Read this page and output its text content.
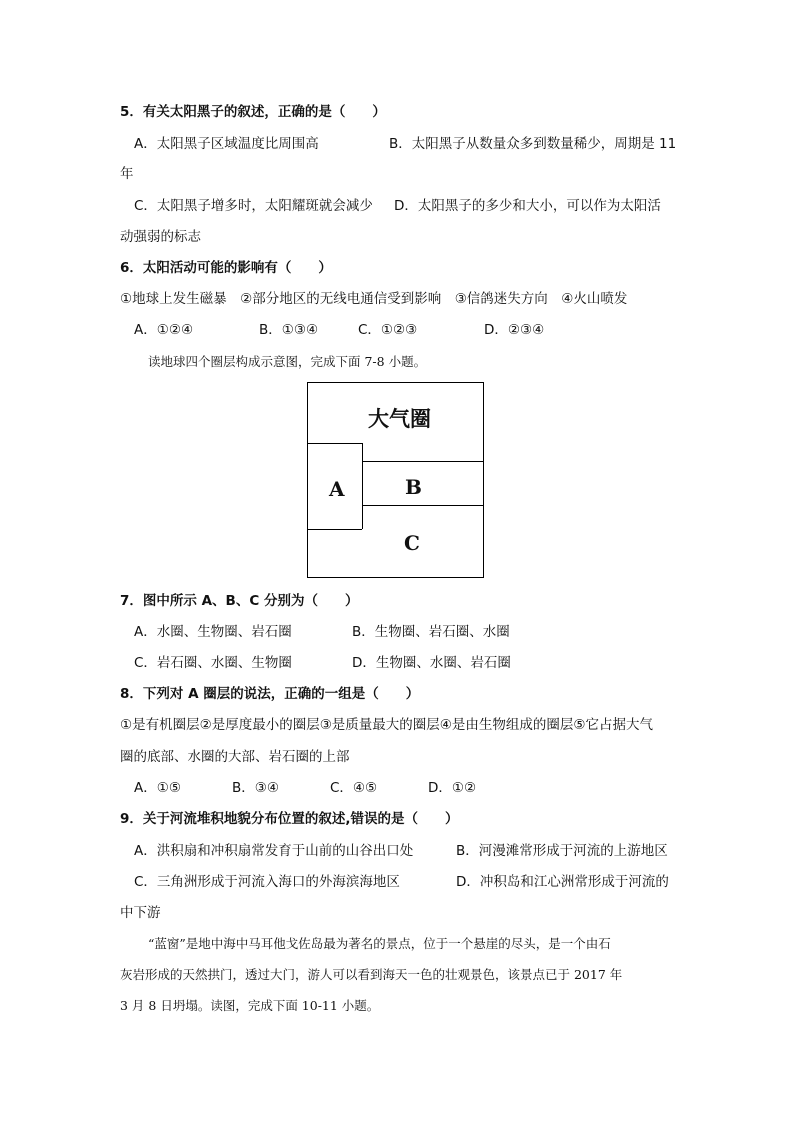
5．有关太阳黑子的叙述，正确的是（　　）
A．太阳黑子区域温度比周围高	B．太阳黑子从数量众多到数量稀少，周期是 11
年
C．太阳黑子增多时，太阳耀斑就会减少 D．太阳黑子的多少和大小，可以作为太阳活
动强弱的标志
6．太阳活动可能的影响有（　　）
①地球上发生磁暴　②部分地区的无线电通信受到影响　③信鸽迷失方向　④火山喷发
A．①②④	B．①③④	C．①②③	D．②③④
读地球四个圈层构成示意图，完成下面 7-8 小题。
大气圈
A	B
C
7．图中所示 A、B、C 分别为（　　）
A．水圈、生物圈、岩石圈	B．生物圈、岩石圈、水圈
C．岩石圈、水圈、生物圈	D．生物圈、水圈、岩石圈
8．下列对 A 圈层的说法，正确的一组是（　　）
①是有机圈层②是厚度最小的圈层③是质量最大的圈层④是由生物组成的圈层⑤它占据大气
圈的底部、水圈的大部、岩石圈的上部
A．①⑤	B．③④	C．④⑤	D．①②
9．关于河流堆积地貌分布位置的叙述,错误的是（　　）
A．洪积扇和冲积扇常发育于山前的山谷出口处	B．河漫滩常形成于河流的上游地区
C．三角洲形成于河流入海口的外海滨海地区	D．冲积岛和江心洲常形成于河流的
中下游
“蓝窗”是地中海中马耳他戈佐岛最为著名的景点，位于一个悬崖的尽头，是一个由石
灰岩形成的天然拱门，透过大门，游人可以看到海天一色的壮观景色，该景点已于 2017 年
3 月 8 日坍塌。读图，完成下面 10-11 小题。
